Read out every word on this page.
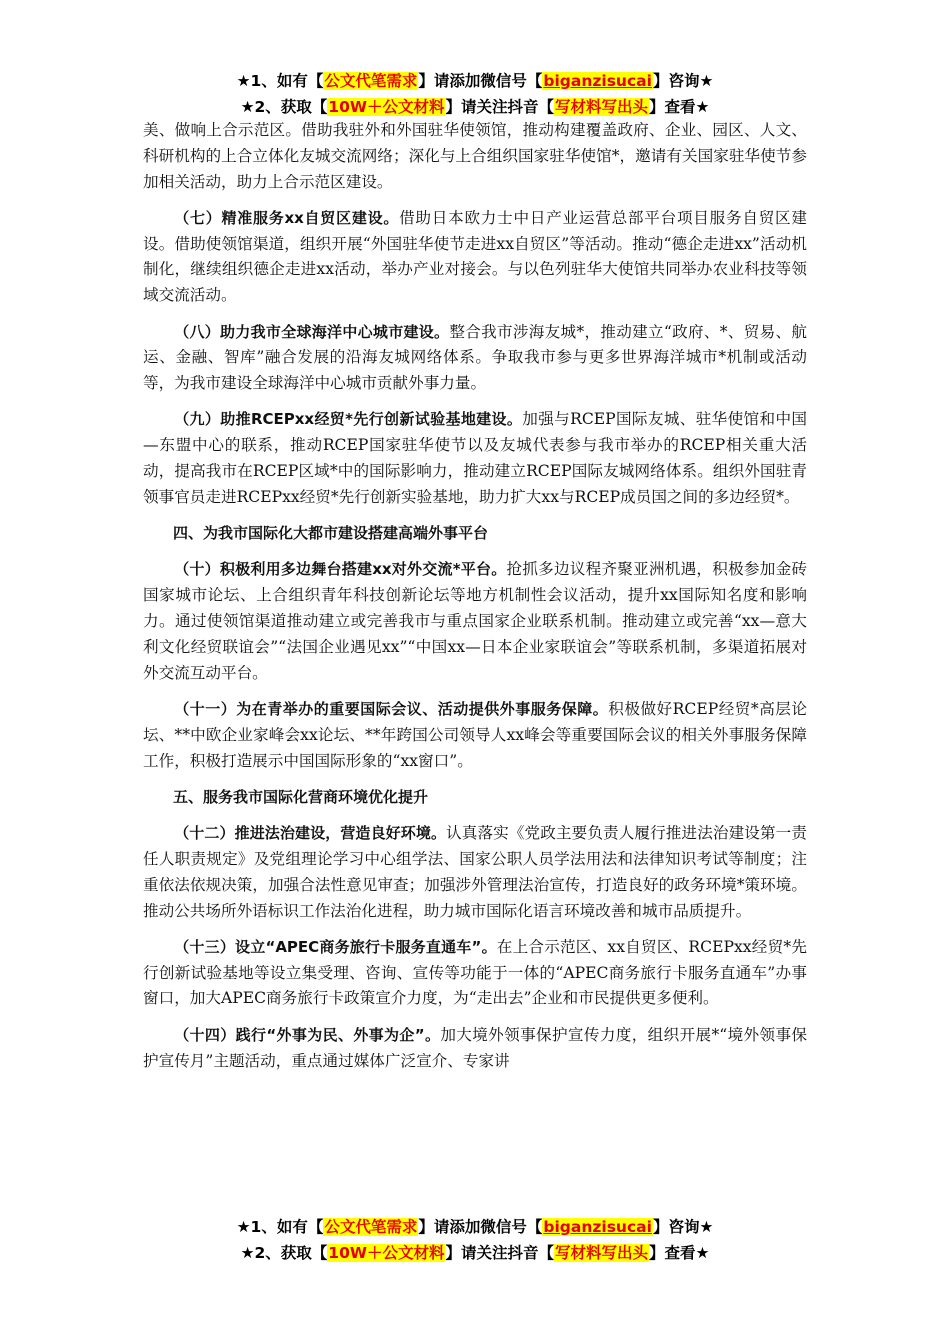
★1、如有【公文代笔需求】请添加微信号【biganzisucai】咨询★
★2、获取【10W＋公文材料】请关注抖音【写材料写出头】查看★

美、做响上合示范区。借助我驻外和外国驻华使领馆，推动构建覆盖政府、企业、园区、人文、科研机构的上合立体化友城交流网络；深化与上合组织国家驻华使馆*，邀请有关国家驻华使节参加相关活动，助力上合示范区建设。

（七）精准服务xx自贸区建设。借助日本欧力士中日产业运营总部平台项目服务自贸区建设。借助使领馆渠道，组织开展“外国驻华使节走进xx自贸区”等活动。推动“德企走进xx”活动机制化，继续组织德企走进xx活动，举办产业对接会。与以色列驻华大使馆共同举办农业科技等领域交流活动。

（八）助力我市全球海洋中心城市建设。整合我市涉海友城*，推动建立“政府、*、贸易、航运、金融、智库”融合发展的沿海友城网络体系。争取我市参与更多世界海洋城市*机制或活动等，为我市建设全球海洋中心城市贡献外事力量。

（九）助推RCEPxx经贸*先行创新试验基地建设。加强与RCEP国际友城、驻华使馆和中国—东盟中心的联系，推动RCEP国家驻华使节以及友城代表参与我市举办的RCEP相关重大活动，提高我市在RCEP区域*中的国际影响力，推动建立RCEP国际友城网络体系。组织外国驻青领事官员走进RCEPxx经贸*先行创新实验基地，助力扩大xx与RCEP成员国之间的多边经贸*。

四、为我市国际化大都市建设搭建高端外事平台

（十）积极利用多边舞台搭建xx对外交流*平台。抢抓多边议程齐聚亚洲机遇，积极参加金砖国家城市论坛、上合组织青年科技创新论坛等地方机制性会议活动，提升xx国际知名度和影响力。通过使领馆渠道推动建立或完善我市与重点国家企业联系机制。推动建立或完善“xx—意大利文化经贸联谊会”“法国企业遇见xx”“中国xx—日本企业家联谊会”等联系机制，多渠道拓展对外交流互动平台。

（十一）为在青举办的重要国际会议、活动提供外事服务保障。积极做好RCEP经贸*高层论坛、**中欧企业家峰会xx论坛、**年跨国公司领导人xx峰会等重要国际会议的相关外事服务保障工作，积极打造展示中国国际形象的“xx窗口”。

五、服务我市国际化营商环境优化提升

（十二）推进法治建设，营造良好环境。认真落实《党政主要负责人履行推进法治建设第一责任人职责规定》及党组理论学习中心组学法、国家公职人员学法用法和法律知识考试等制度；注重依法依规决策，加强合法性意见审查；加强涉外管理法治宣传，打造良好的政务环境*策环境。推动公共场所外语标识工作法治化进程，助力城市国际化语言环境改善和城市品质提升。

（十三）设立“APEC商务旅行卡服务直通车”。在上合示范区、xx自贸区、RCEPxx经贸*先行创新试验基地等设立集受理、咨询、宣传等功能于一体的“APEC商务旅行卡服务直通车”办事窗口，加大APEC商务旅行卡政策宣介力度，为“走出去”企业和市民提供更多便利。

（十四）践行“外事为民、外事为企”。加大境外领事保护宣传力度，组织开展*“境外领事保护宣传月”主题活动，重点通过媒体广泛宣介、专家讲

★1、如有【公文代笔需求】请添加微信号【biganzisucai】咨询★
★2、获取【10W＋公文材料】请关注抖音【写材料写出头】查看★
